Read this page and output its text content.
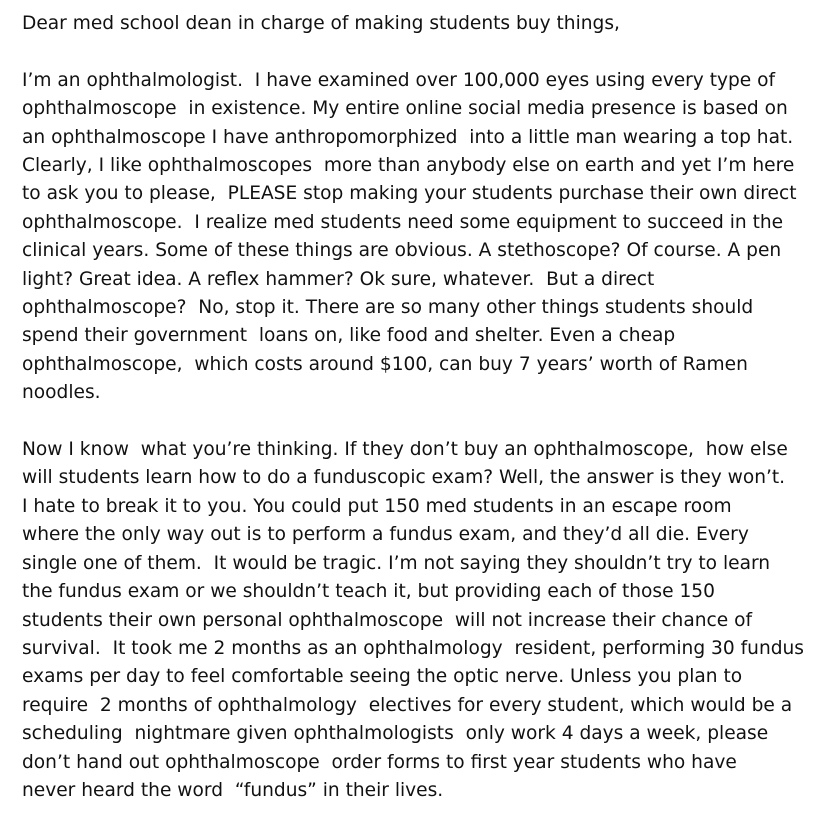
Dear med school dean in charge of making students buy things,
I’m an ophthalmologist.  I have examined over 100,000 eyes using every type of
ophthalmoscope  in existence. My entire online social media presence is based on
an ophthalmoscope I have anthropomorphized  into a little man wearing a top hat.
Clearly, I like ophthalmoscopes  more than anybody else on earth and yet I’m here
to ask you to please,  PLEASE stop making your students purchase their own direct
ophthalmoscope.  I realize med students need some equipment to succeed in the
clinical years. Some of these things are obvious. A stethoscope? Of course. A pen
light? Great idea. A reflex hammer? Ok sure, whatever.  But a direct
ophthalmoscope?  No, stop it. There are so many other things students should
spend their government  loans on, like food and shelter. Even a cheap
ophthalmoscope,  which costs around $100, can buy 7 years’ worth of Ramen
noodles.
Now I know  what you’re thinking. If they don’t buy an ophthalmoscope,  how else
will students learn how to do a funduscopic exam? Well, the answer is they won’t.
I hate to break it to you. You could put 150 med students in an escape room
where the only way out is to perform a fundus exam, and they’d all die. Every
single one of them.  It would be tragic. I’m not saying they shouldn’t try to learn
the fundus exam or we shouldn’t teach it, but providing each of those 150
students their own personal ophthalmoscope  will not increase their chance of
survival.  It took me 2 months as an ophthalmology  resident, performing 30 fundus
exams per day to feel comfortable seeing the optic nerve. Unless you plan to
require  2 months of ophthalmology  electives for every student, which would be a
scheduling  nightmare given ophthalmologists  only work 4 days a week, please
don’t hand out ophthalmoscope  order forms to first year students who have
never heard the word  “fundus” in their lives.
